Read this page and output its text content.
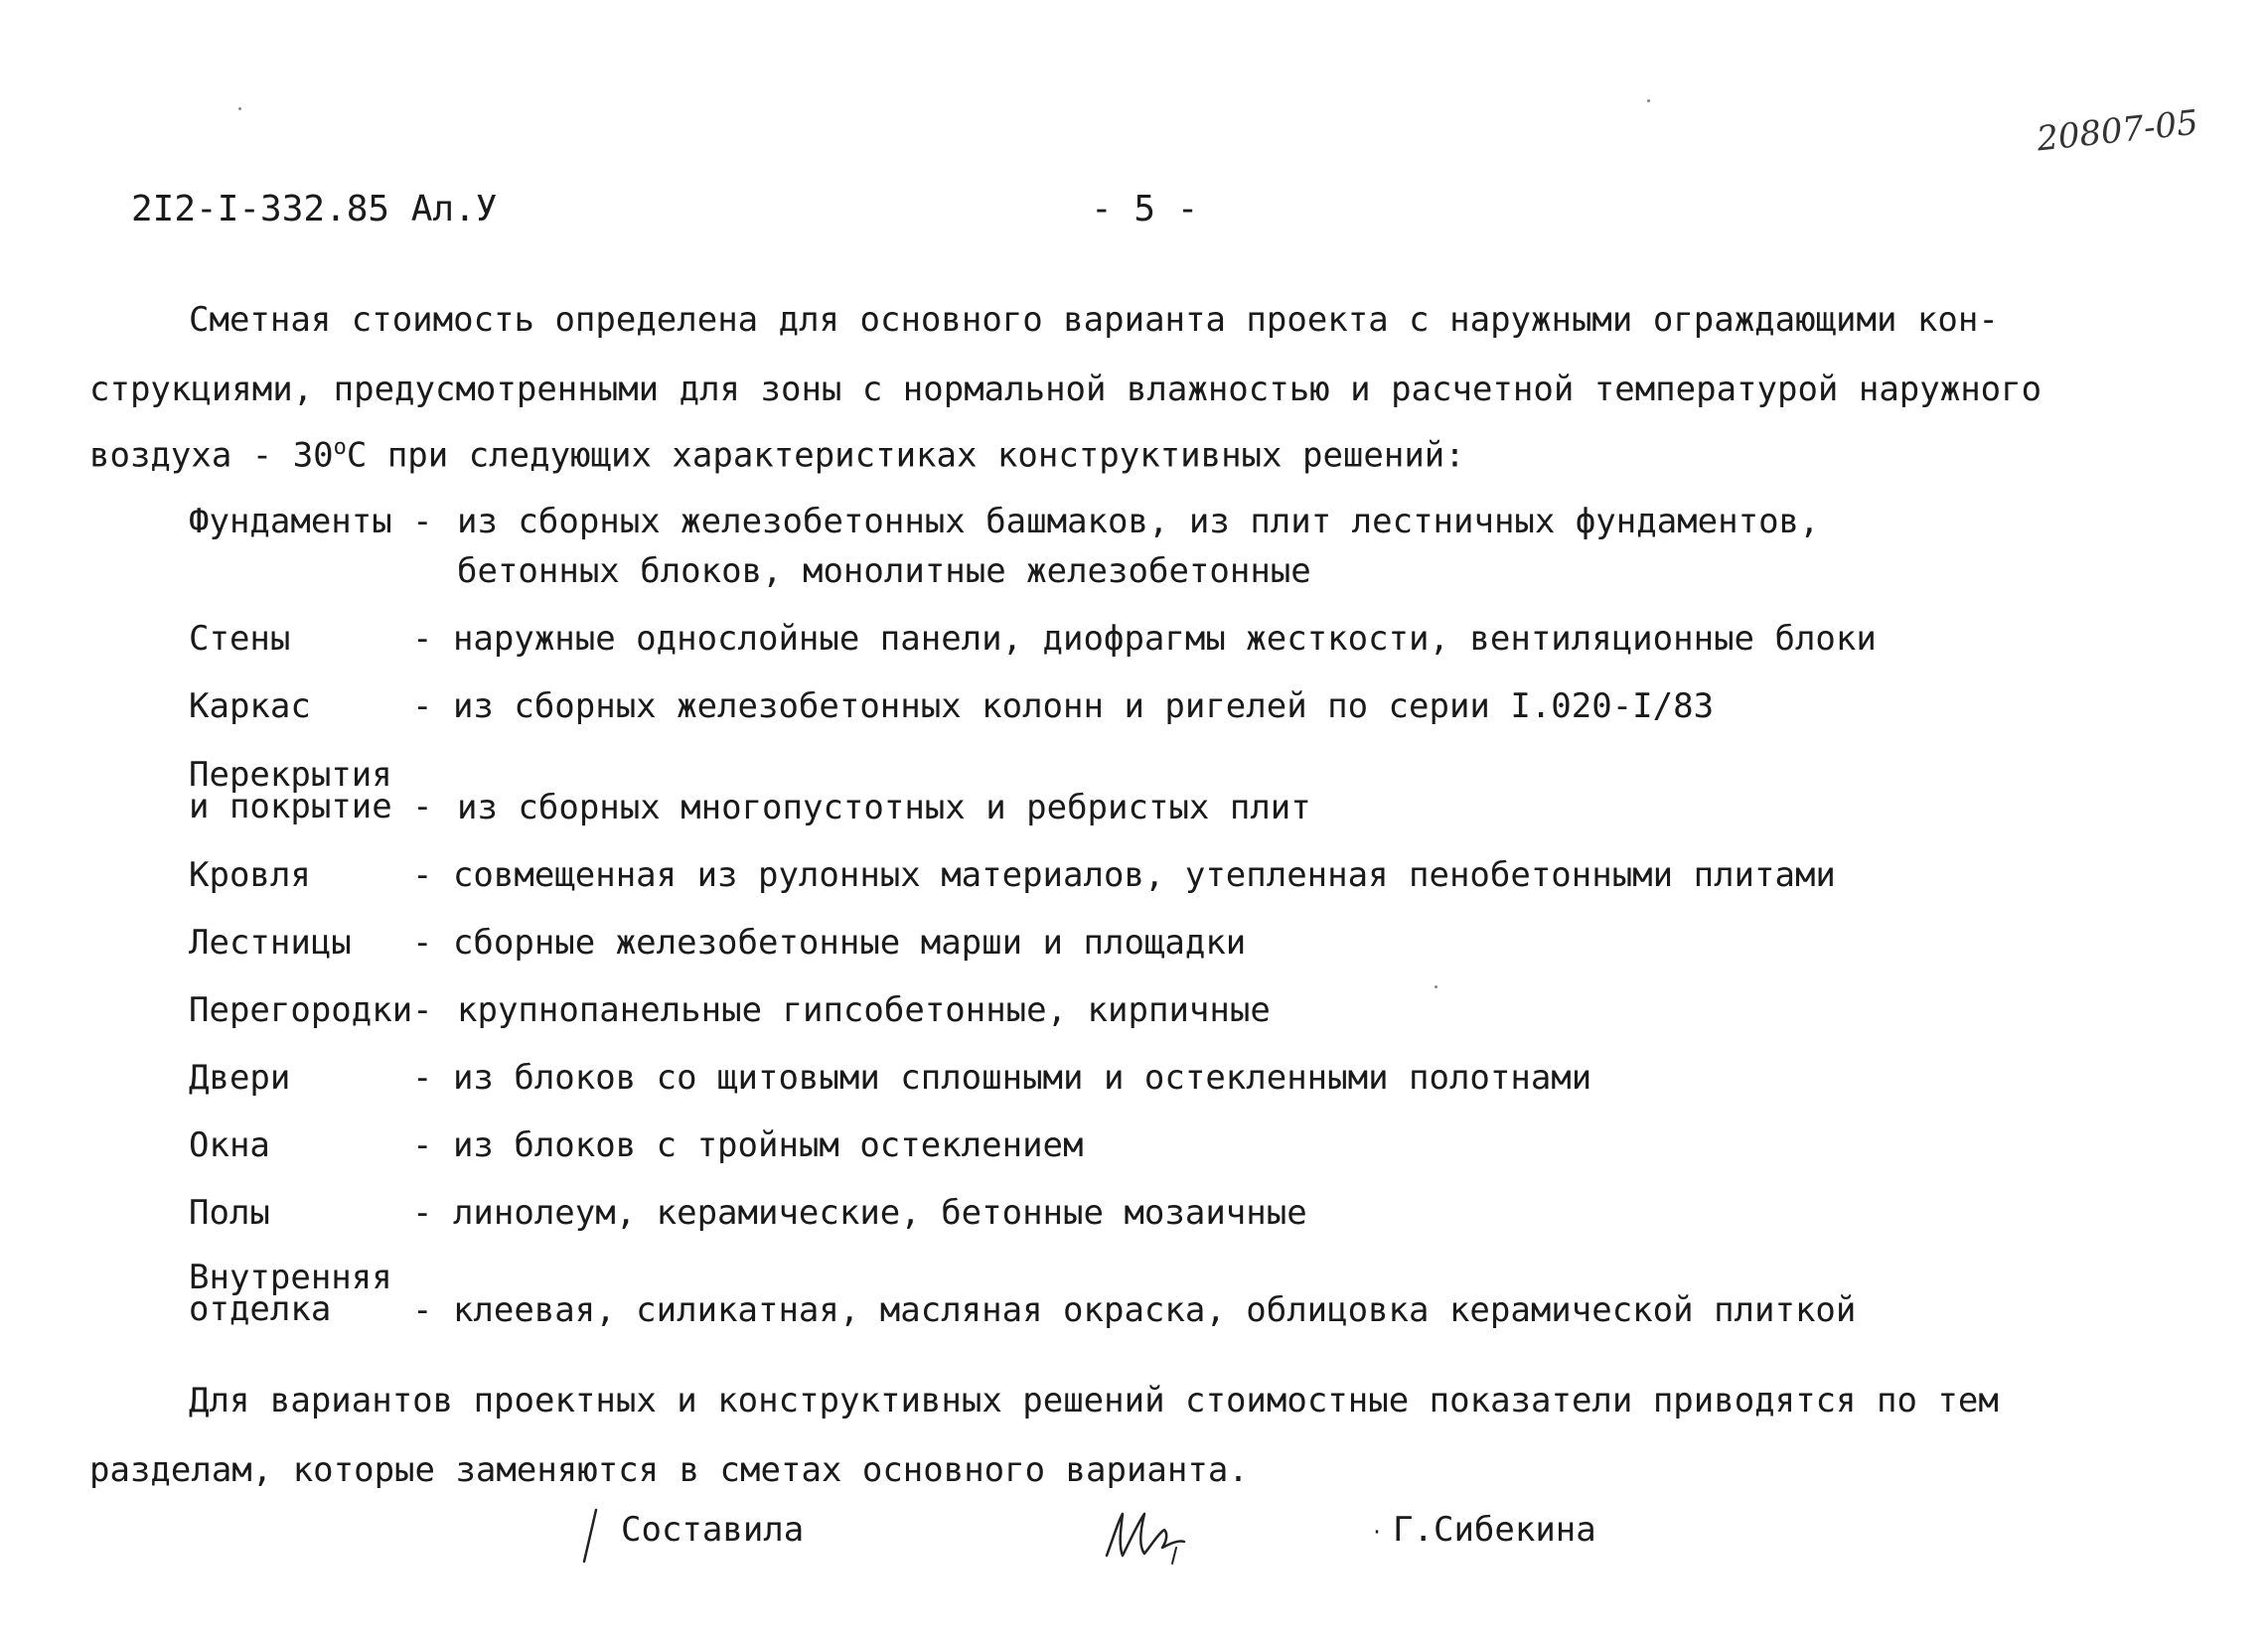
20807-05
2I2-I-332.85 Ал.У	- 5 -
Сметная стоимость определена для основного варианта проекта с наружными ограждающими кон-
струкциями, предусмотренными для зоны с нормальной влажностью и расчетной температурой наружного
воздуха - $30^оС$ при следующих характеристиках конструктивных решений:
Фундаменты - из сборных железобетонных башмаков, из плит лестничных фундаментов,
бетонных блоков, монолитные железобетонные
Стены	- наружные однослойные панели, диофрагмы жесткости, вентиляционные блоки
Каркас	- из сборных железобетонных колонн и ригелей по серии I.020-I/83
Перекрытия
и покрытие - из сборных многопустотных и ребристых плит
Кровля	- совмещенная из рулонных материалов, утепленная пенобетонными плитами
Лестницы - сборные железобетонные марши и площадки
Перегородки- крупнопанельные гипсобетонные, кирпичные
Двери	- из блоков со щитовыми сплошными и остекленными полотнами
Окна	- из блоков с тройным остеклением
Полы	- линолеум, керамические, бетонные мозаичные
Внутренняя
отделка	- клеевая, силикатная, масляная окраска, облицовка керамической плиткой
Для вариантов проектных и конструктивных решений стоимостные показатели приводятся по тем
разделам, которые заменяются в сметах основного варианта.
Составила	· Г.Сибекина
